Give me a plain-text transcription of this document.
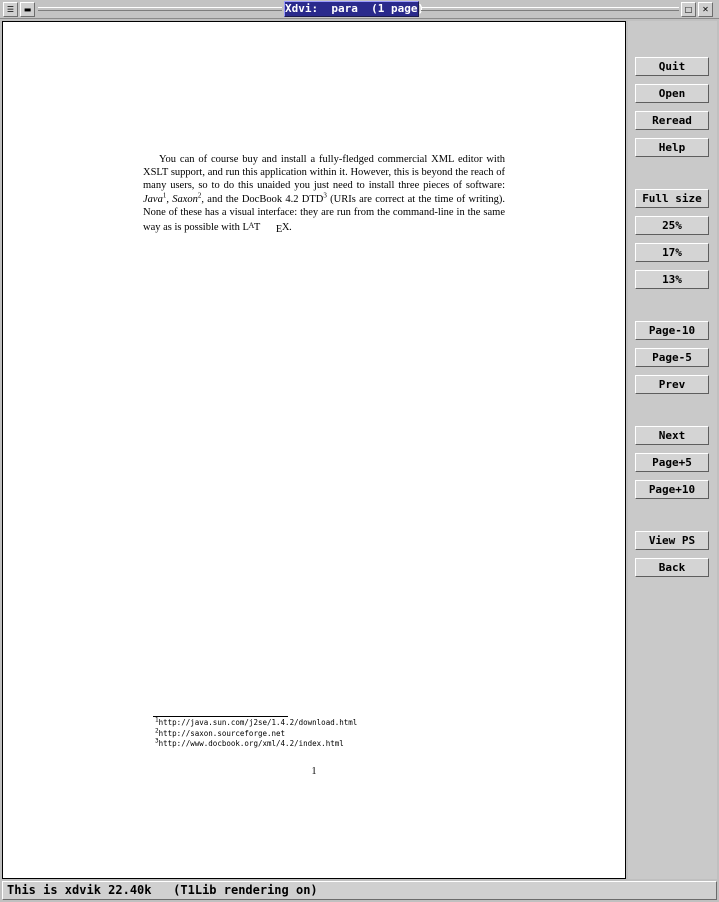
☰ ▬	Xdvi:  para  (1 page)	□ ✕

You can of course buy and install a fully-fledged commercial XML editor with XSLT support, and run this application within it. However, this is beyond the reach of many users, so to do this unaided you just need to install three pieces of software: Java$^1$, Saxon$^2$, and the DocBook 4.2 DTD$^3$ (URIs are correct at the time of writing). None of these has a visual interface: they are run from the command-line in the same way as is possible with LAT EX.

$^1$http://java.sun.com/j2se/1.4.2/download.html
$^2$http://saxon.sourceforge.net
$^3$http://www.docbook.org/xml/4.2/index.html
1
Quit
Open
Reread
Help
Full size
25%
17%
13%
Page-10
Page-5
Prev
Next
Page+5
Page+10
View PS
Back
This is xdvik 22.40k   (T1Lib rendering on)
